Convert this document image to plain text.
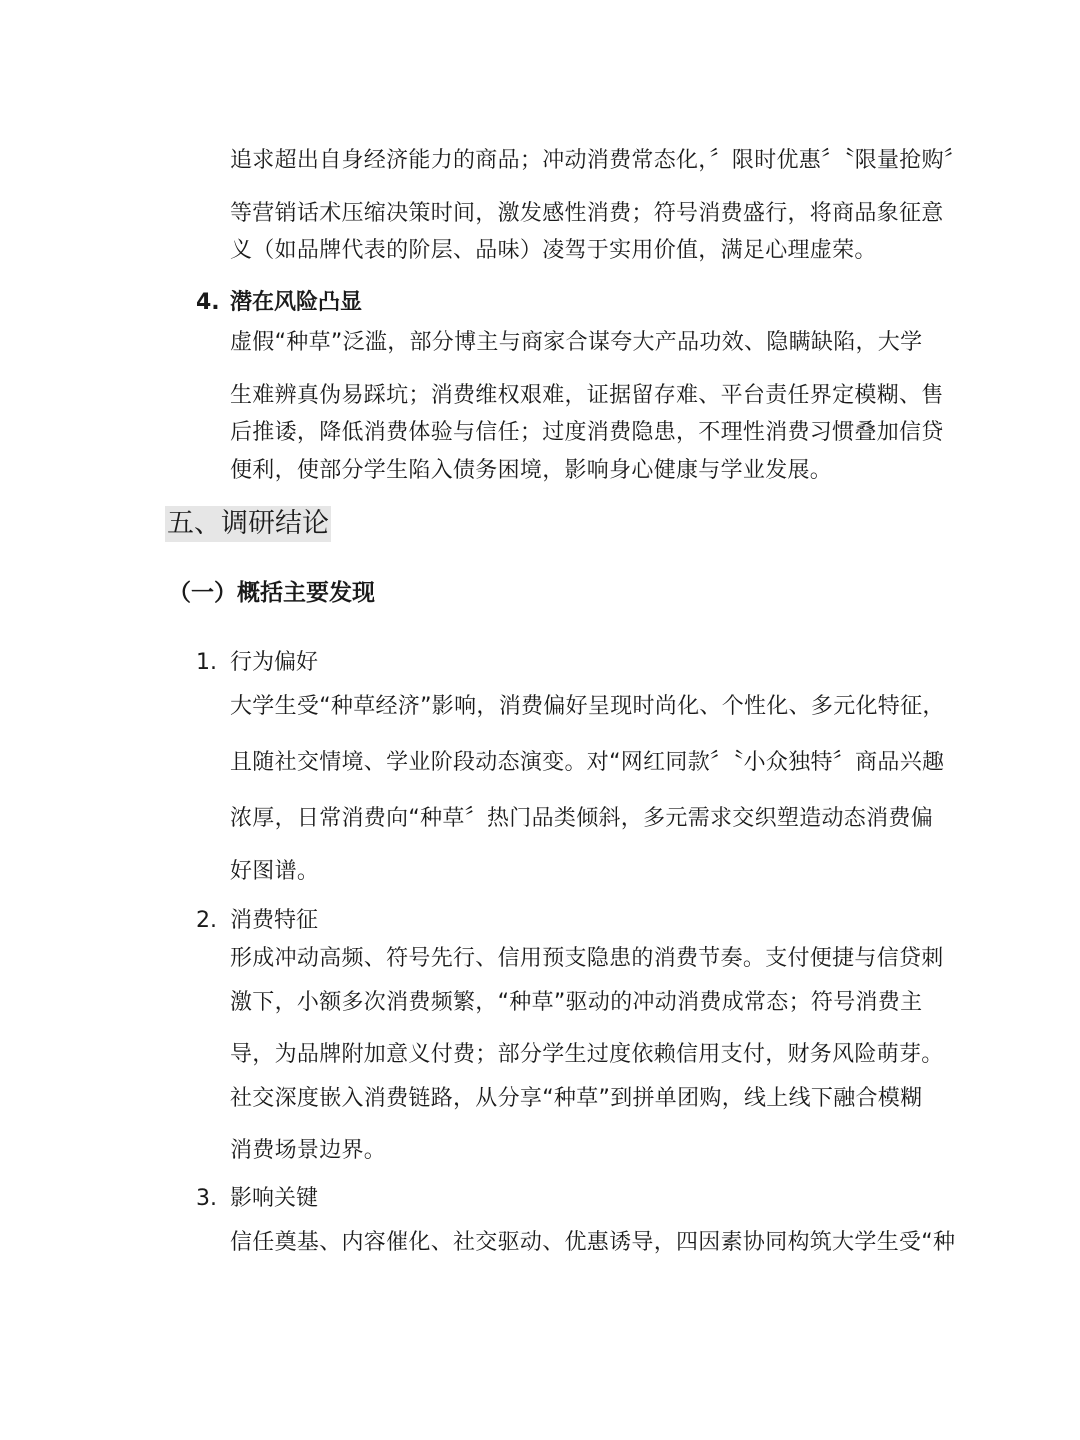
追求超出自身经济能力的商品；冲动消费常态化，〞限时优惠〞〝限量抢购〞
等营销话术压缩决策时间，激发感性消费；符号消费盛行，将商品象征意
义（如品牌代表的阶层、品味）凌驾于实用价值，满足心理虚荣。
4. 潜在风险凸显
虚假“种草”泛滥，部分博主与商家合谋夸大产品功效、隐瞒缺陷，大学
生难辨真伪易踩坑；消费维权艰难，证据留存难、平台责任界定模糊、售
后推诿，降低消费体验与信任；过度消费隐患，不理性消费习惯叠加信贷
便利，使部分学生陷入债务困境，影响身心健康与学业发展。
五、调研结论
（一）概括主要发现
1. 行为偏好
大学生受“种草经济”影响，消费偏好呈现时尚化、个性化、多元化特征，
且随社交情境、学业阶段动态演变。对“网红同款〞〝小众独特〞商品兴趣
浓厚，日常消费向“种草〞热门品类倾斜，多元需求交织塑造动态消费偏
好图谱。
2. 消费特征
形成冲动高频、符号先行、信用预支隐患的消费节奏。支付便捷与信贷刺
激下，小额多次消费频繁，“种草”驱动的冲动消费成常态；符号消费主
导，为品牌附加意义付费；部分学生过度依赖信用支付，财务风险萌芽。
社交深度嵌入消费链路，从分享“种草”到拼单团购，线上线下融合模糊
消费场景边界。
3. 影响关键
信任奠基、内容催化、社交驱动、优惠诱导，四因素协同构筑大学生受“种
